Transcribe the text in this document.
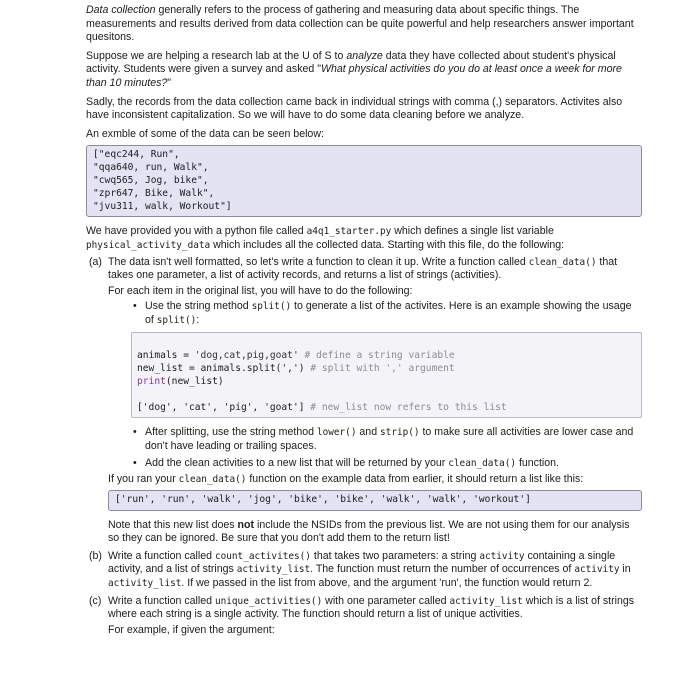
Data collection generally refers to the process of gathering and measuring data about specific things. The measurements and results derived from data collection can be quite powerful and help researchers answer important quesitons.

Suppose we are helping a research lab at the U of S to analyze data they have collected about student's physical activity. Students were given a survey and asked "What physical activities do you do at least once a week for more than 10 minutes?"

Sadly, the records from the data collection came back in individual strings with comma (,) separators. Activites also have inconsistent capitalization. So we will have to do some data cleaning before we analyze.

An exmble of some of the data can be seen below:

["eqc244, Run",
"qqa640, run, Walk",
"cwq565, Jog, bike",
"zpr647, Bike, Walk",
"jvu311, walk, Workout"]

We have provided you with a python file called a4q1_starter.py which defines a single list variable physical_activity_data which includes all the collected data. Starting with this file, do the following:

(a) The data isn't well formatted, so let's write a function to clean it up. Write a function called clean_data() that takes one parameter, a list of activity records, and returns a list of strings (activities).

For each item in the original list, you will have to do the following:

• Use the string method split() to generate a list of the activites. Here is an example showing the usage of split():

animals = 'dog,cat,pig,goat' # define a string variable
new_list = animals.split(',') # split with ',' argument
print(new_list)

['dog', 'cat', 'pig', 'goat'] # new_list now refers to this list
• After splitting, use the string method lower() and strip() to make sure all activities are lower case and don't have leading or trailing spaces.
• Add the clean activities to a new list that will be returned by your clean_data() function.

If you ran your clean_data() function on the example data from earlier, it should return a list like this:

['run', 'run', 'walk', 'jog', 'bike', 'bike', 'walk', 'walk', 'workout']

Note that this new list does not include the NSIDs from the previous list. We are not using them for our analysis so they can be ignored. Be sure that you don't add them to the return list!

(b) Write a function called count_activites() that takes two parameters: a string activity containing a single activity, and a list of strings activity_list. The function must return the number of occurrences of activity in activity_list. If we passed in the list from above, and the argument 'run', the function would return 2.

(c) Write a function called unique_activities() with one parameter called activity_list which is a list of strings where each string is a single activity. The function should return a list of unique activities.

For example, if given the argument:
